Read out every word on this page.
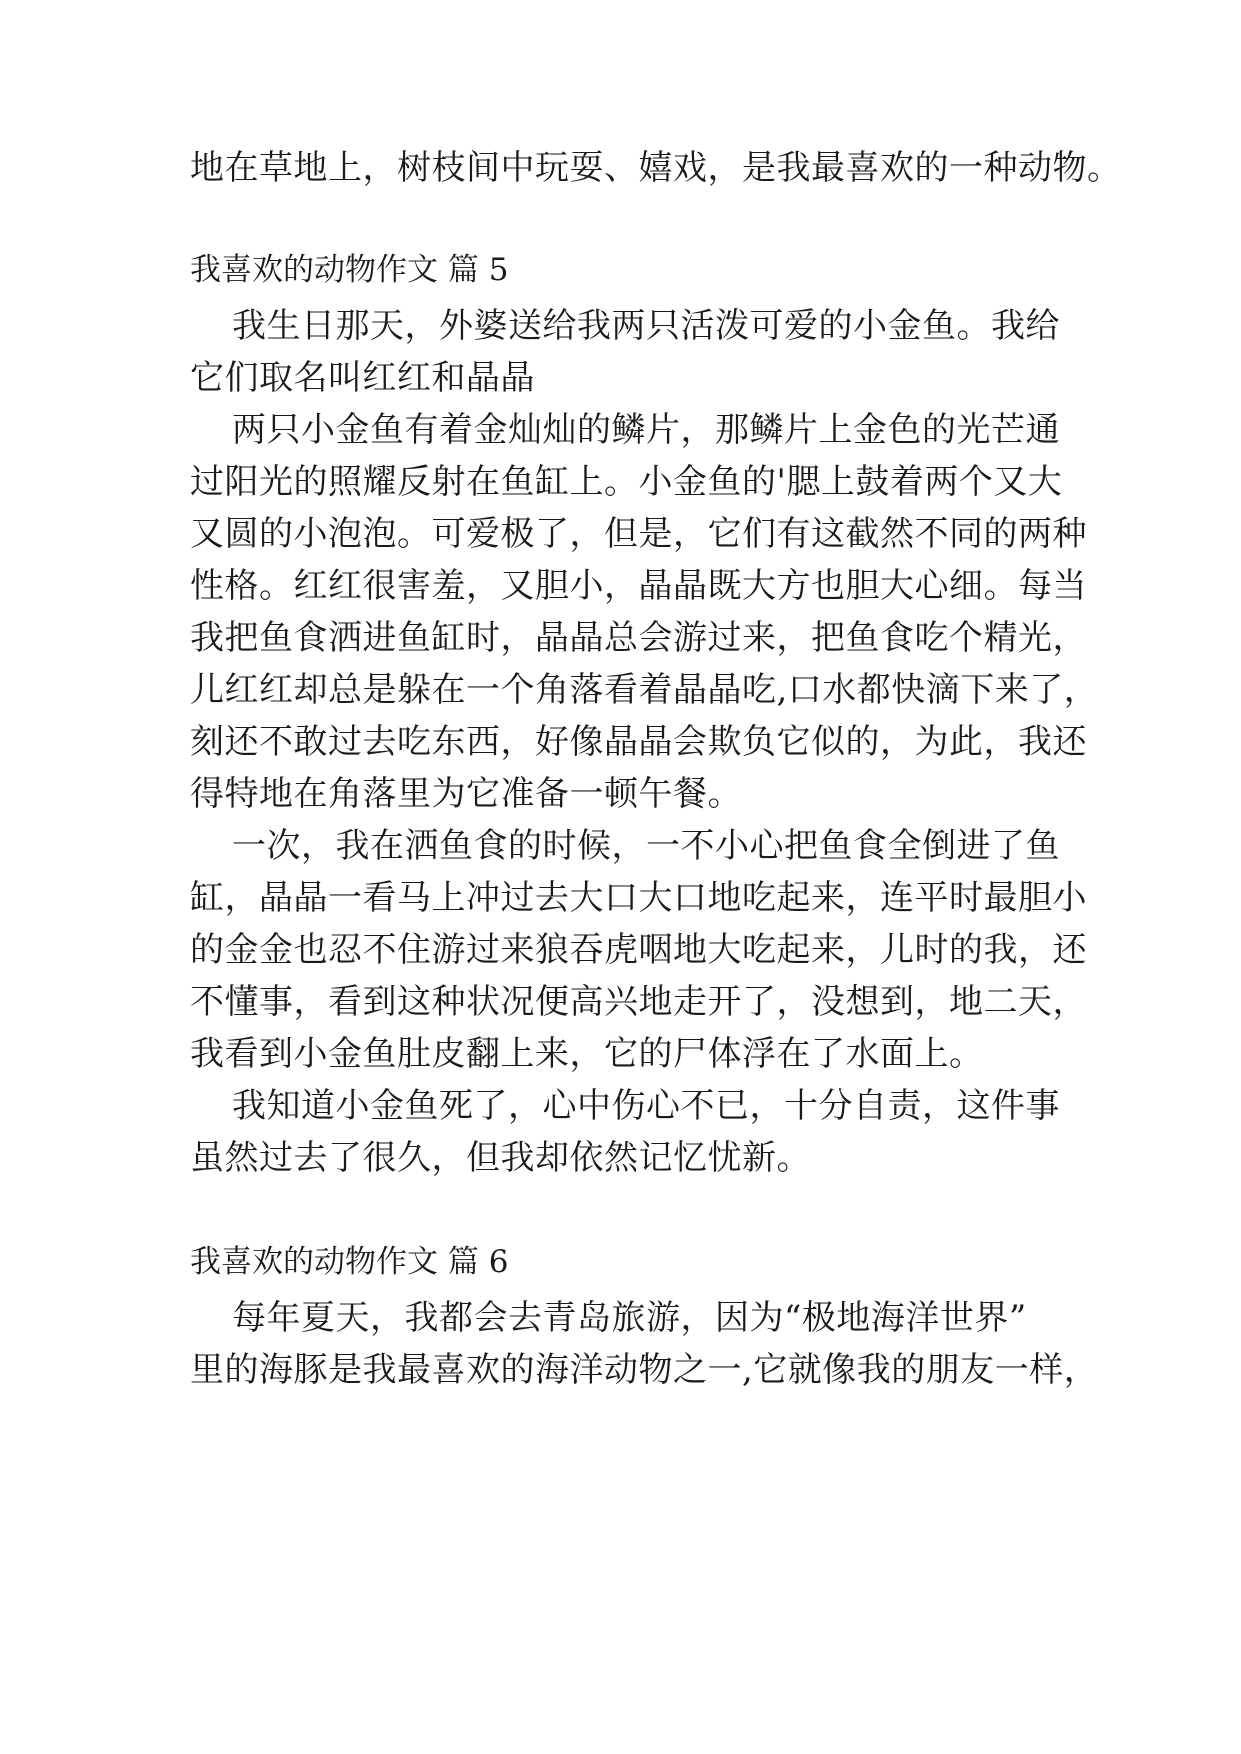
地在草地上，树枝间中玩耍、嬉戏，是我最喜欢的一种动物。
我喜欢的动物作文 篇 5
我生日那天，外婆送给我两只活泼可爱的小金鱼。我给
它们取名叫红红和晶晶
两只小金鱼有着金灿灿的鳞片，那鳞片上金色的光芒通
过阳光的照耀反射在鱼缸上。小金鱼的'腮上鼓着两个又大
又圆的小泡泡。可爱极了，但是，它们有这截然不同的两种
性格。红红很害羞，又胆小，晶晶既大方也胆大心细。每当
我把鱼食洒进鱼缸时，晶晶总会游过来，把鱼食吃个精光，
儿红红却总是躲在一个角落看着晶晶吃,口水都快滴下来了，
刻还不敢过去吃东西，好像晶晶会欺负它似的，为此，我还
得特地在角落里为它准备一顿午餐。
一次，我在洒鱼食的时候，一不小心把鱼食全倒进了鱼
缸，晶晶一看马上冲过去大口大口地吃起来，连平时最胆小
的金金也忍不住游过来狼吞虎咽地大吃起来，儿时的我，还
不懂事，看到这种状况便高兴地走开了，没想到，地二天，
我看到小金鱼肚皮翻上来，它的尸体浮在了水面上。
我知道小金鱼死了，心中伤心不已，十分自责，这件事
虽然过去了很久，但我却依然记忆忧新。
我喜欢的动物作文 篇 6
每年夏天，我都会去青岛旅游，因为“极地海洋世界”
里的海豚是我最喜欢的海洋动物之一,它就像我的朋友一样，
